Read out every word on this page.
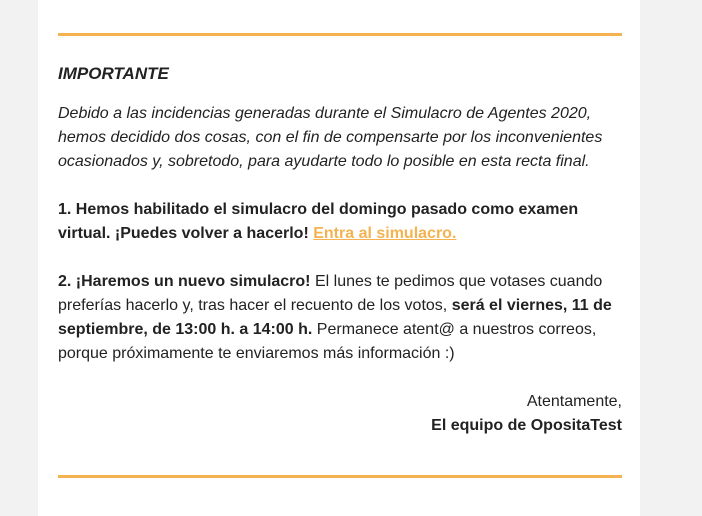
IMPORTANTE

Debido a las incidencias generadas durante el Simulacro de Agentes 2020, hemos decidido dos cosas, con el fin de compensarte por los inconvenientes ocasionados y, sobretodo, para ayudarte todo lo posible en esta recta final.

1. Hemos habilitado el simulacro del domingo pasado como examen virtual. ¡Puedes volver a hacerlo! Entra al simulacro.

2. ¡Haremos un nuevo simulacro! El lunes te pedimos que votases cuando preferías hacerlo y, tras hacer el recuento de los votos, será el viernes, 11 de septiembre, de 13:00 h. a 14:00 h. Permanece atent@ a nuestros correos, porque próximamente te enviaremos más información :)

Atentamente,
El equipo de OpositaTest
